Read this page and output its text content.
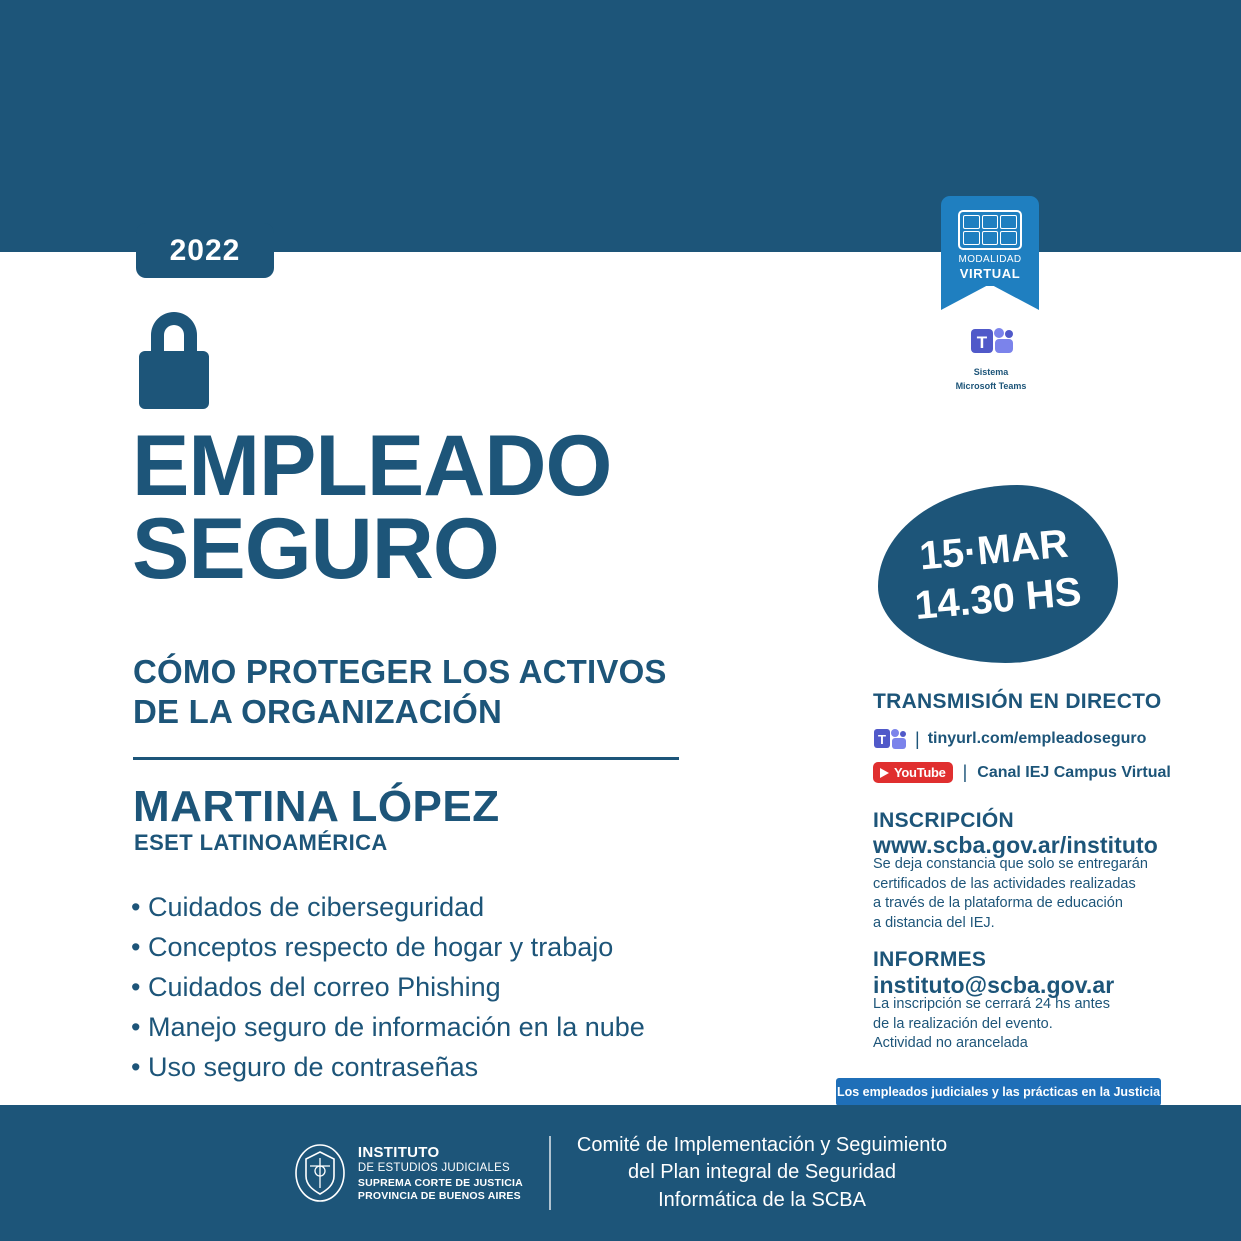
2022
EMPLEADO
SEGURO
CÓMO PROTEGER LOS ACTIVOS
DE LA ORGANIZACIÓN
MARTINA LÓPEZ
ESET LATINOAMÉRICA
• Cuidados de ciberseguridad
• Conceptos respecto de hogar y trabajo
• Cuidados del correo Phishing
• Manejo seguro de información en la nube
• Uso seguro de contraseñas
MODALIDAD
VIRTUAL
T
Sistema
Microsoft Teams
15·MAR
14.30 HS
TRANSMISIÓN EN DIRECTO
T | tinyurl.com/empleadoseguro
YouTube | Canal IEJ Campus Virtual
INSCRIPCIÓN
www.scba.gov.ar/instituto
Se deja constancia que solo se entregarán
certificados de las actividades realizadas
a través de la plataforma de educación
a distancia del IEJ.
INFORMES
instituto@scba.gov.ar
La inscripción se cerrará 24 hs antes
de la realización del evento.
Actividad no arancelada
Los empleados judiciales y las prácticas en la Justicia
INSTITUTO
DE ESTUDIOS JUDICIALES
SUPREMA CORTE DE JUSTICIA
PROVINCIA DE BUENOS AIRES
Comité de Implementación y Seguimiento
del Plan integral de Seguridad
Informática de la SCBA
